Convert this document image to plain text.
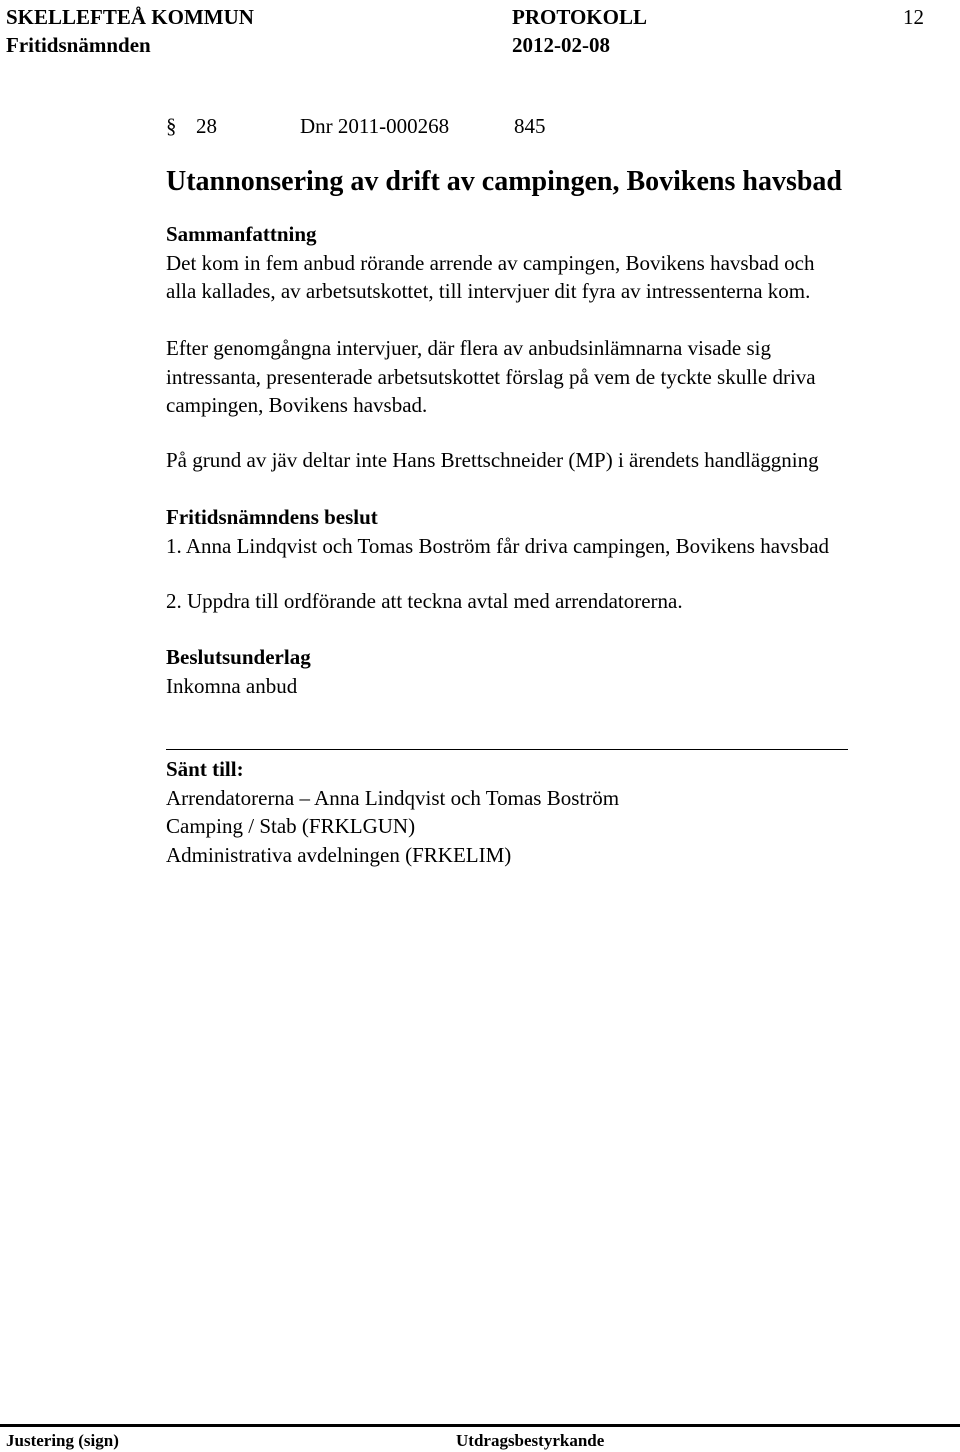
SKELLEFTEÅ KOMMUN	PROTOKOLL	12
Fritidsnämnden	2012-02-08
§ 28	Dnr 2011-000268	845
Utannonsering av drift av campingen, Bovikens havsbad

Sammanfattning

Det kom in fem anbud rörande arrende av campingen, Bovikens havsbad och

alla kallades, av arbetsutskottet, till intervjuer dit fyra av intressenterna kom.

Efter genomgångna intervjuer, där flera av anbudsinlämnarna visade sig

intressanta, presenterade arbetsutskottet förslag på vem de tyckte skulle driva

campingen, Bovikens havsbad.

På grund av jäv deltar inte Hans Brettschneider (MP) i ärendets handläggning

Fritidsnämndens beslut

1. Anna Lindqvist och Tomas Boström får driva campingen, Bovikens havsbad

2. Uppdra till ordförande att teckna avtal med arrendatorerna.

Beslutsunderlag

Inkomna anbud

Sänt till:

Arrendatorerna – Anna Lindqvist och Tomas Boström

Camping / Stab (FRKLGUN)

Administrativa avdelningen (FRKELIM)

Justering (sign)	Utdragsbestyrkande
